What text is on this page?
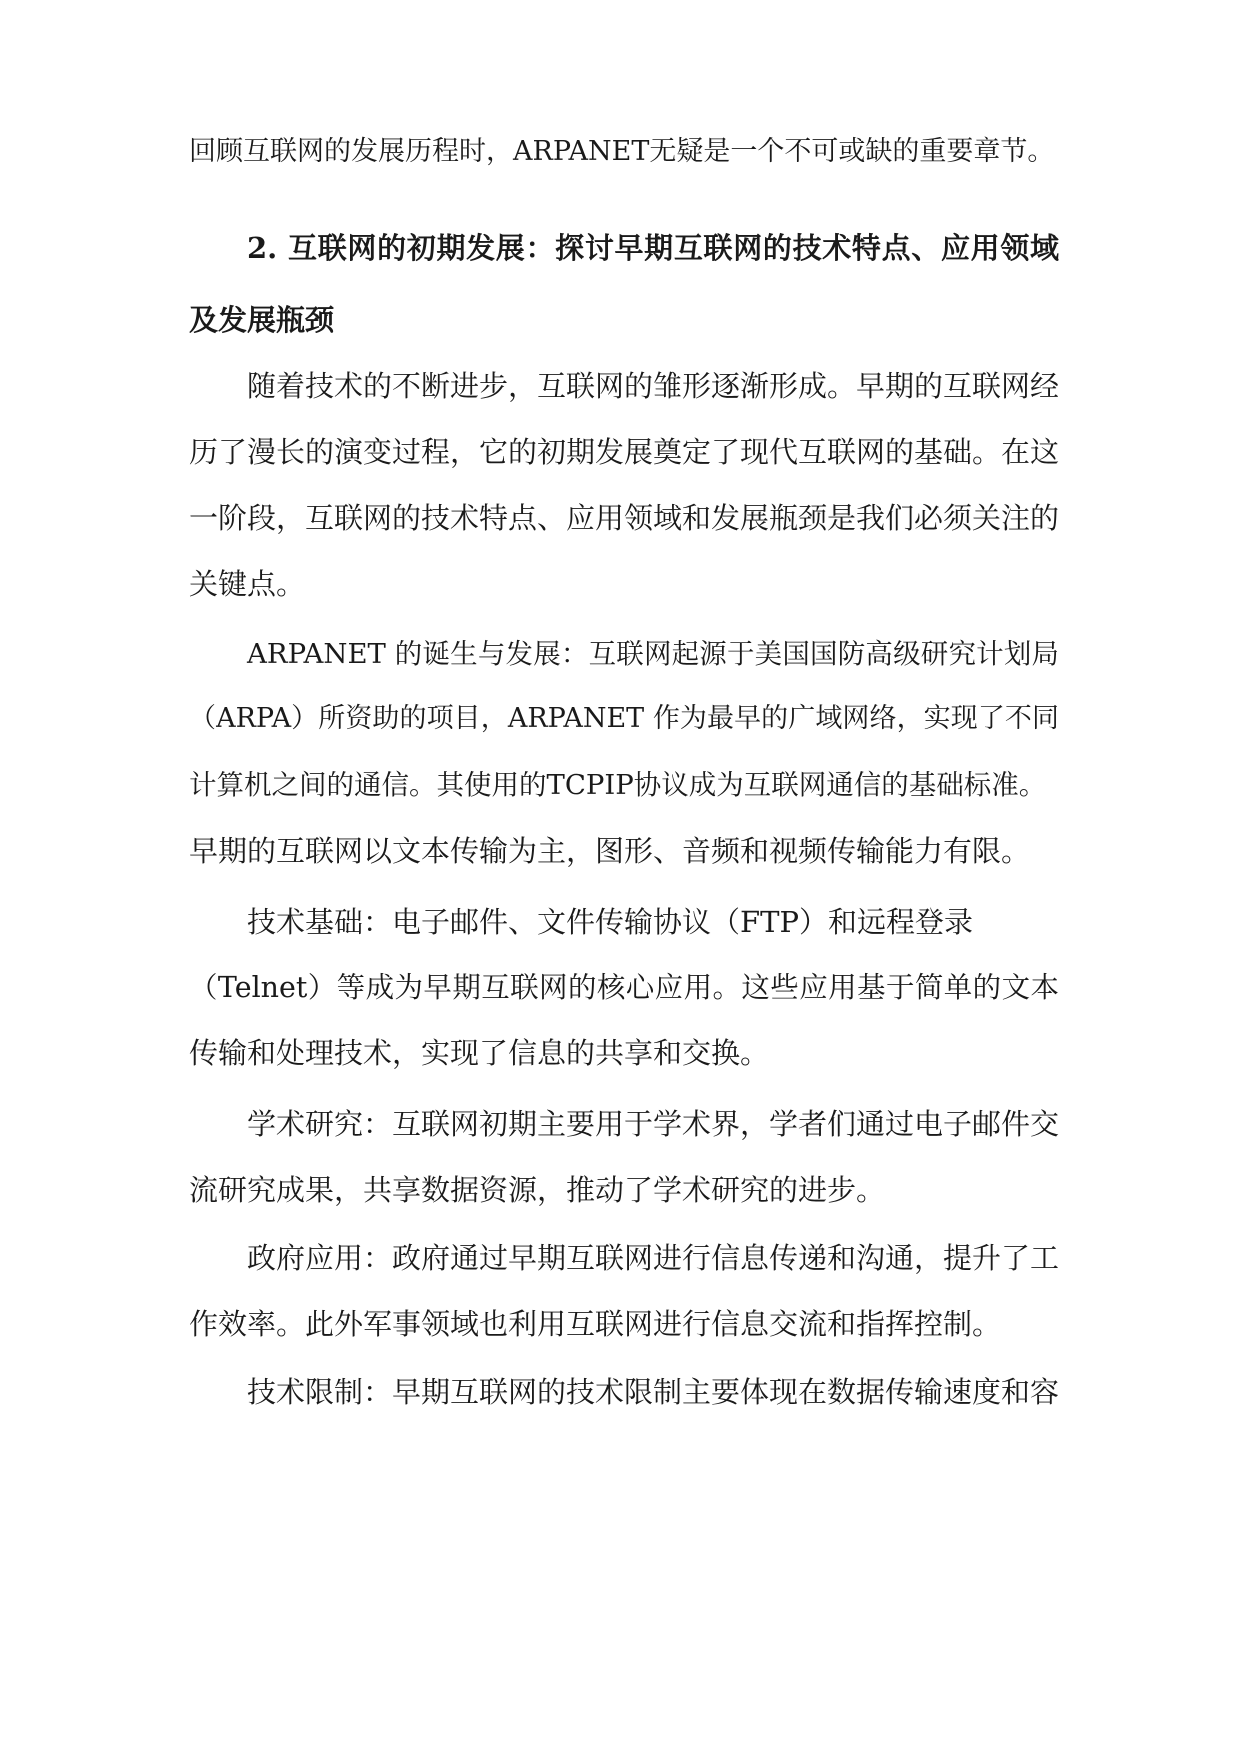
回顾互联网的发展历程时，ARPANET无疑是一个不可或缺的重要章节。
2. 互联网的初期发展：探讨早期互联网的技术特点、应用领域
及发展瓶颈
随着技术的不断进步，互联网的雏形逐渐形成。早期的互联网经
历了漫长的演变过程，它的初期发展奠定了现代互联网的基础。在这
一阶段，互联网的技术特点、应用领域和发展瓶颈是我们必须关注的
关键点。
ARPANET 的诞生与发展：互联网起源于美国国防高级研究计划局
（ARPA）所资助的项目，ARPANET 作为最早的广域网络，实现了不同
计算机之间的通信。其使用的TCPIP协议成为互联网通信的基础标准。
早期的互联网以文本传输为主，图形、音频和视频传输能力有限。
技术基础：电子邮件、文件传输协议（FTP）和远程登录
（Telnet）等成为早期互联网的核心应用。这些应用基于简单的文本
传输和处理技术，实现了信息的共享和交换。
学术研究：互联网初期主要用于学术界，学者们通过电子邮件交
流研究成果，共享数据资源，推动了学术研究的进步。
政府应用：政府通过早期互联网进行信息传递和沟通，提升了工
作效率。此外军事领域也利用互联网进行信息交流和指挥控制。
技术限制：早期互联网的技术限制主要体现在数据传输速度和容
